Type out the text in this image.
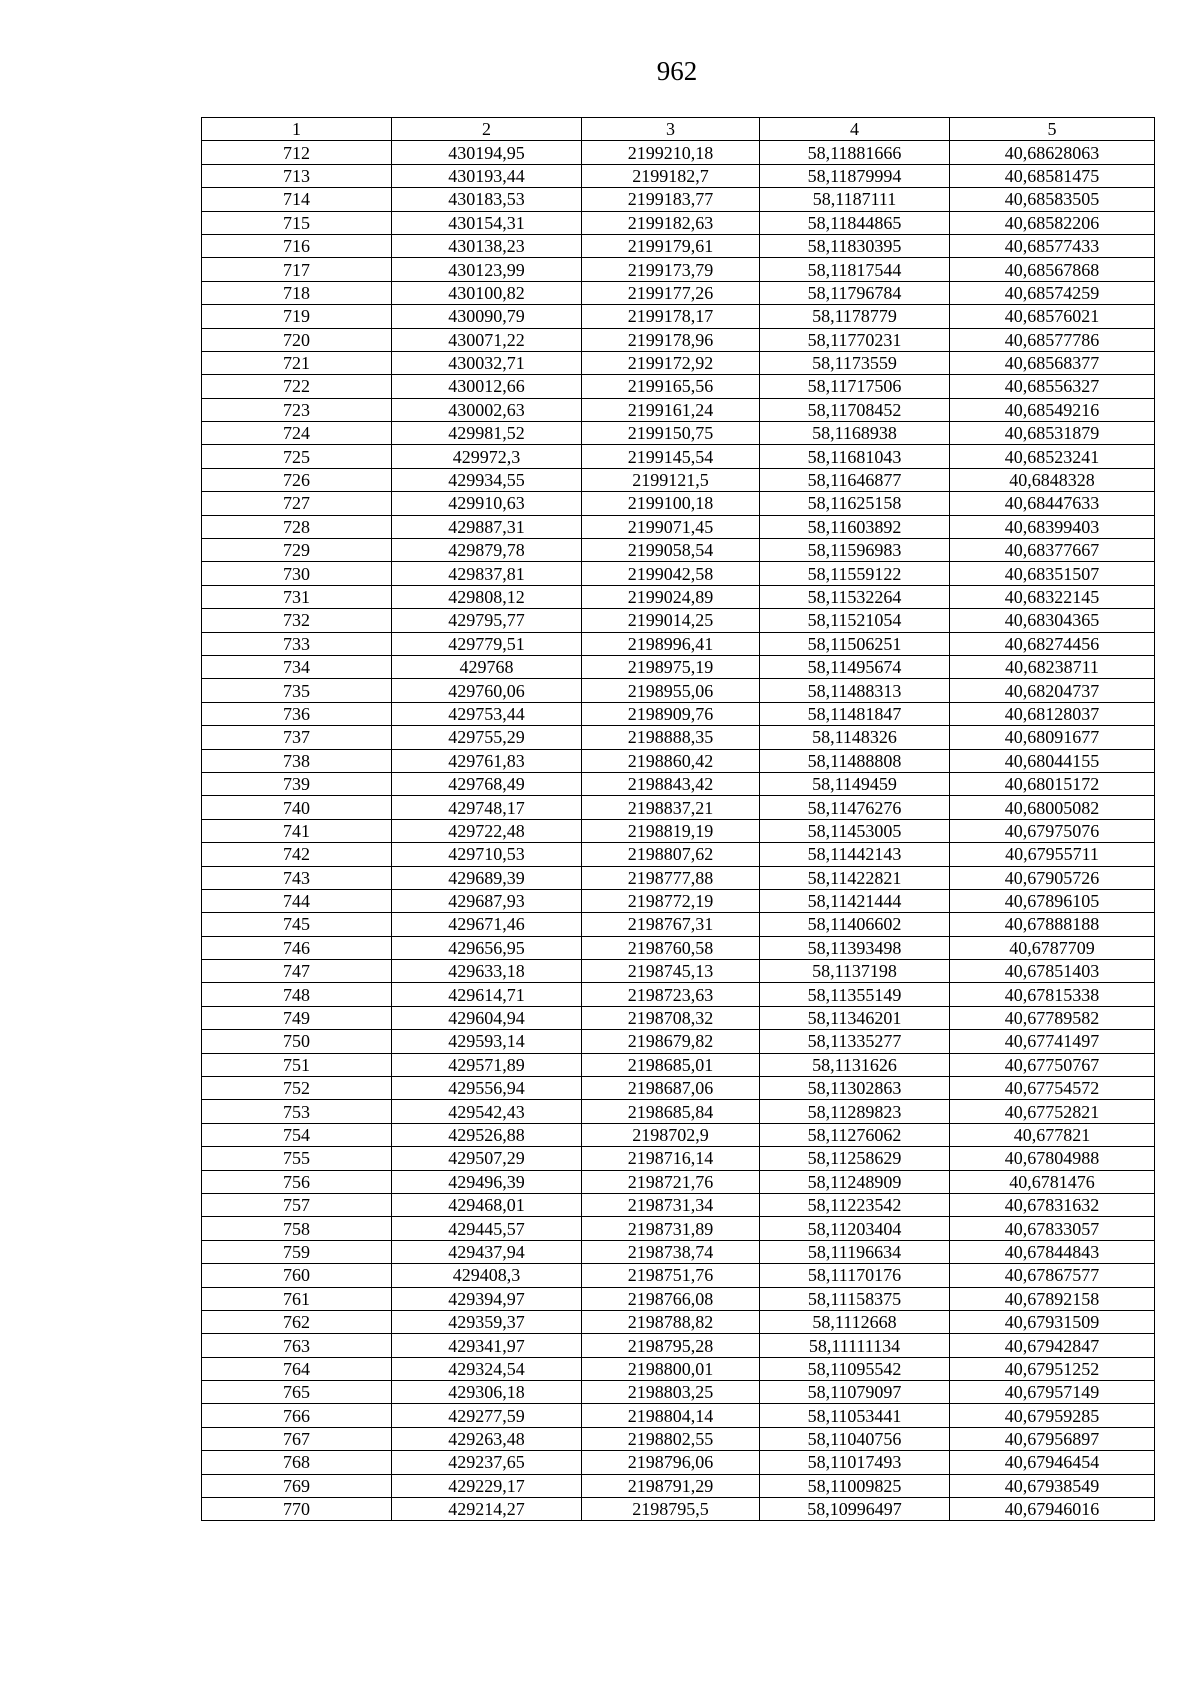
962
1	2	3	4	5
712	430194,95	2199210,18	58,11881666	40,68628063
713	430193,44	2199182,7	58,11879994	40,68581475
714	430183,53	2199183,77	58,1187111	40,68583505
715	430154,31	2199182,63	58,11844865	40,68582206
716	430138,23	2199179,61	58,11830395	40,68577433
717	430123,99	2199173,79	58,11817544	40,68567868
718	430100,82	2199177,26	58,11796784	40,68574259
719	430090,79	2199178,17	58,1178779	40,68576021
720	430071,22	2199178,96	58,11770231	40,68577786
721	430032,71	2199172,92	58,1173559	40,68568377
722	430012,66	2199165,56	58,11717506	40,68556327
723	430002,63	2199161,24	58,11708452	40,68549216
724	429981,52	2199150,75	58,1168938	40,68531879
725	429972,3	2199145,54	58,11681043	40,68523241
726	429934,55	2199121,5	58,11646877	40,6848328
727	429910,63	2199100,18	58,11625158	40,68447633
728	429887,31	2199071,45	58,11603892	40,68399403
729	429879,78	2199058,54	58,11596983	40,68377667
730	429837,81	2199042,58	58,11559122	40,68351507
731	429808,12	2199024,89	58,11532264	40,68322145
732	429795,77	2199014,25	58,11521054	40,68304365
733	429779,51	2198996,41	58,11506251	40,68274456
734	429768	2198975,19	58,11495674	40,68238711
735	429760,06	2198955,06	58,11488313	40,68204737
736	429753,44	2198909,76	58,11481847	40,68128037
737	429755,29	2198888,35	58,1148326	40,68091677
738	429761,83	2198860,42	58,11488808	40,68044155
739	429768,49	2198843,42	58,1149459	40,68015172
740	429748,17	2198837,21	58,11476276	40,68005082
741	429722,48	2198819,19	58,11453005	40,67975076
742	429710,53	2198807,62	58,11442143	40,67955711
743	429689,39	2198777,88	58,11422821	40,67905726
744	429687,93	2198772,19	58,11421444	40,67896105
745	429671,46	2198767,31	58,11406602	40,67888188
746	429656,95	2198760,58	58,11393498	40,6787709
747	429633,18	2198745,13	58,1137198	40,67851403
748	429614,71	2198723,63	58,11355149	40,67815338
749	429604,94	2198708,32	58,11346201	40,67789582
750	429593,14	2198679,82	58,11335277	40,67741497
751	429571,89	2198685,01	58,1131626	40,67750767
752	429556,94	2198687,06	58,11302863	40,67754572
753	429542,43	2198685,84	58,11289823	40,67752821
754	429526,88	2198702,9	58,11276062	40,677821
755	429507,29	2198716,14	58,11258629	40,67804988
756	429496,39	2198721,76	58,11248909	40,6781476
757	429468,01	2198731,34	58,11223542	40,67831632
758	429445,57	2198731,89	58,11203404	40,67833057
759	429437,94	2198738,74	58,11196634	40,67844843
760	429408,3	2198751,76	58,11170176	40,67867577
761	429394,97	2198766,08	58,11158375	40,67892158
762	429359,37	2198788,82	58,1112668	40,67931509
763	429341,97	2198795,28	58,11111134	40,67942847
764	429324,54	2198800,01	58,11095542	40,67951252
765	429306,18	2198803,25	58,11079097	40,67957149
766	429277,59	2198804,14	58,11053441	40,67959285
767	429263,48	2198802,55	58,11040756	40,67956897
768	429237,65	2198796,06	58,11017493	40,67946454
769	429229,17	2198791,29	58,11009825	40,67938549
770	429214,27	2198795,5	58,10996497	40,67946016
